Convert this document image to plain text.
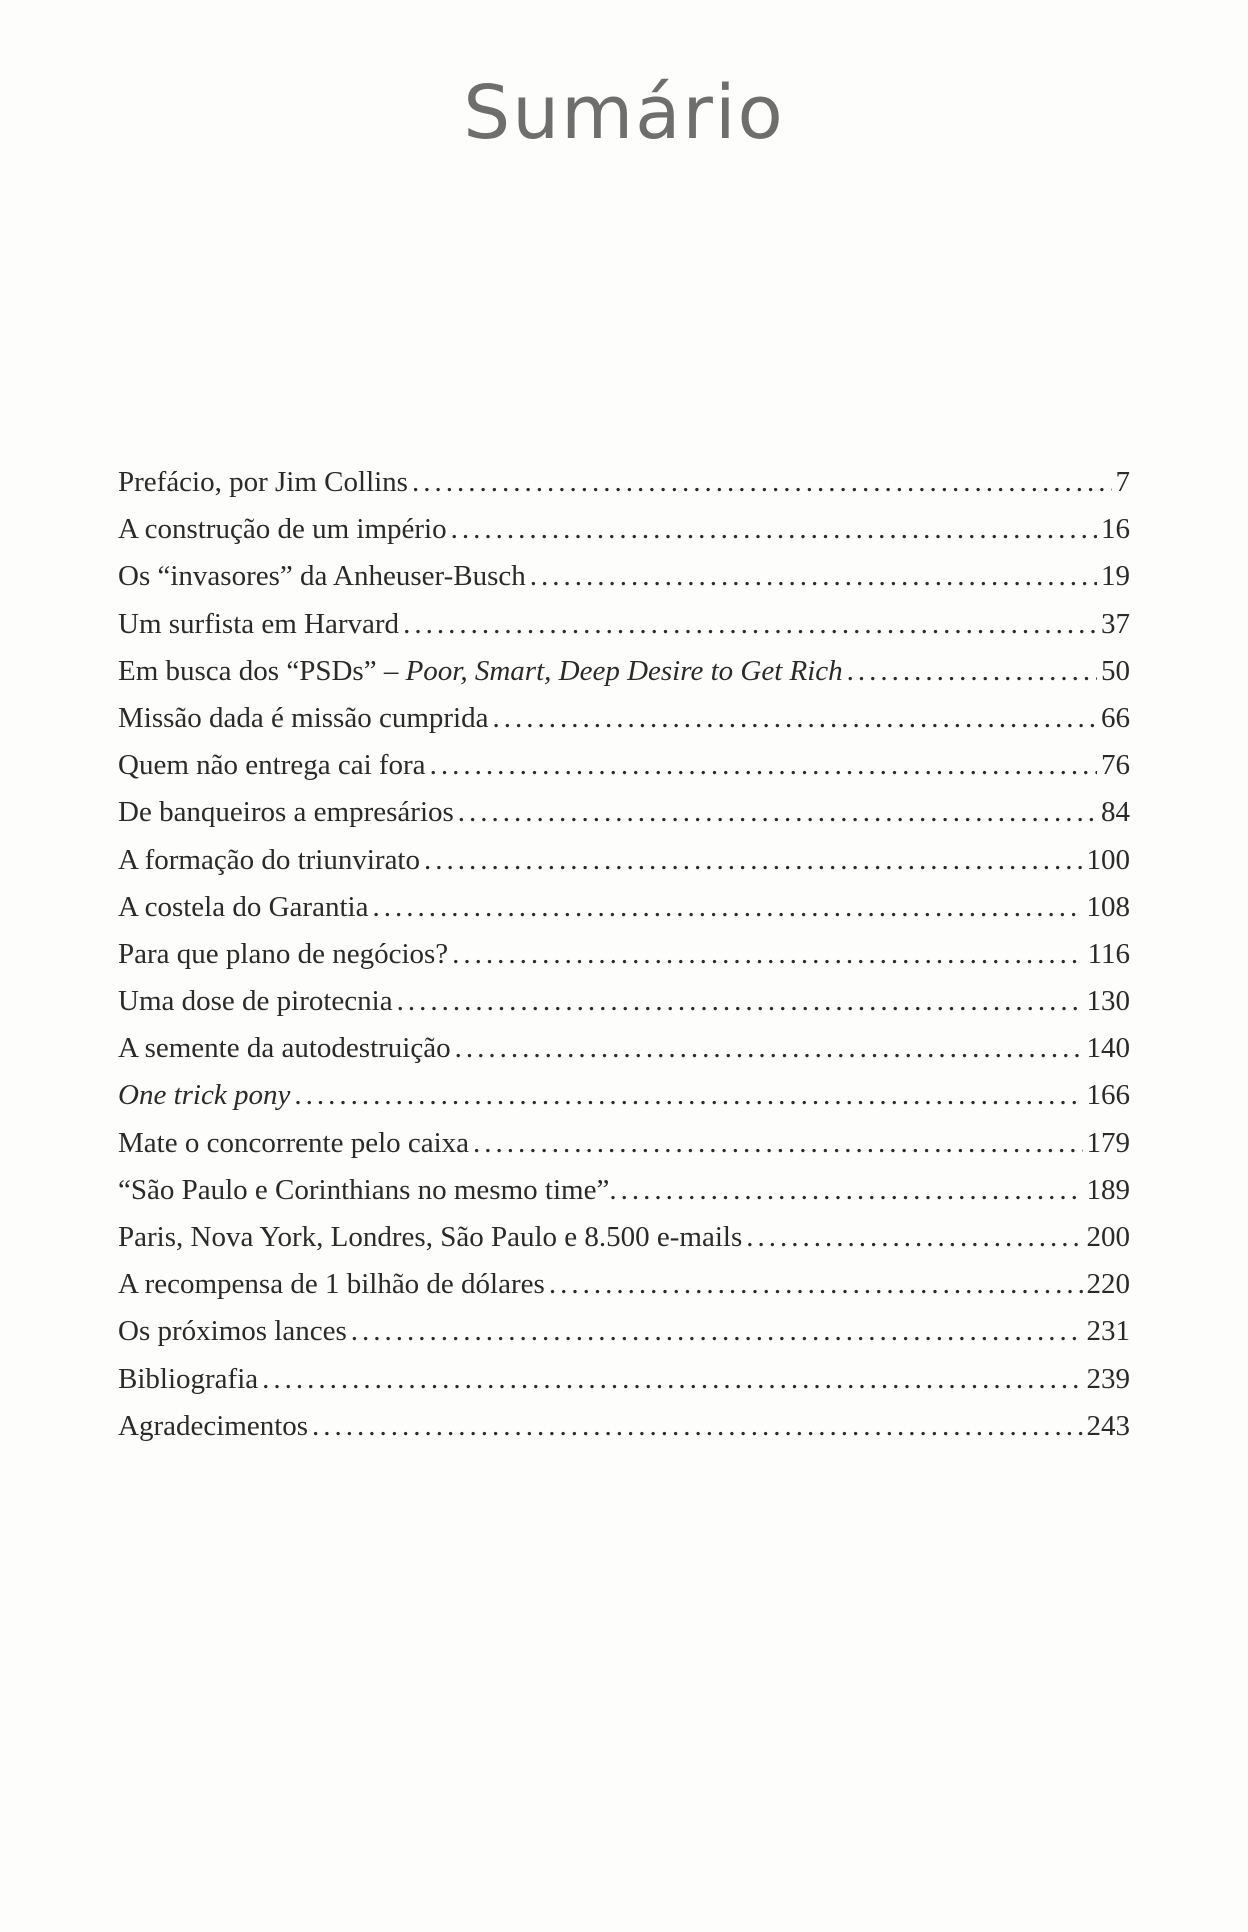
Sumário
Prefácio, por Jim Collins .....	7
A construção de um império .....	16
Os “invasores” da Anheuser-Busch .....	19
Um surfista em Harvard .....	37
Em busca dos “PSDs” – Poor, Smart, Deep Desire to Get Rich .....	50
Missão dada é missão cumprida .....	66
Quem não entrega cai fora .....	76
De banqueiros a empresários .....	84
A formação do triunvirato .....	100
A costela do Garantia .....	108
Para que plano de negócios? .....	116
Uma dose de pirotecnia .....	130
A semente da autodestruição .....	140
One trick pony .....	166
Mate o concorrente pelo caixa .....	179
“São Paulo e Corinthians no mesmo time”. .....	189
Paris, Nova York, Londres, São Paulo e 8.500 e-mails .....	200
A recompensa de 1 bilhão de dólares .....	220
Os próximos lances .....	231
Bibliografia .....	239
Agradecimentos .....	243
